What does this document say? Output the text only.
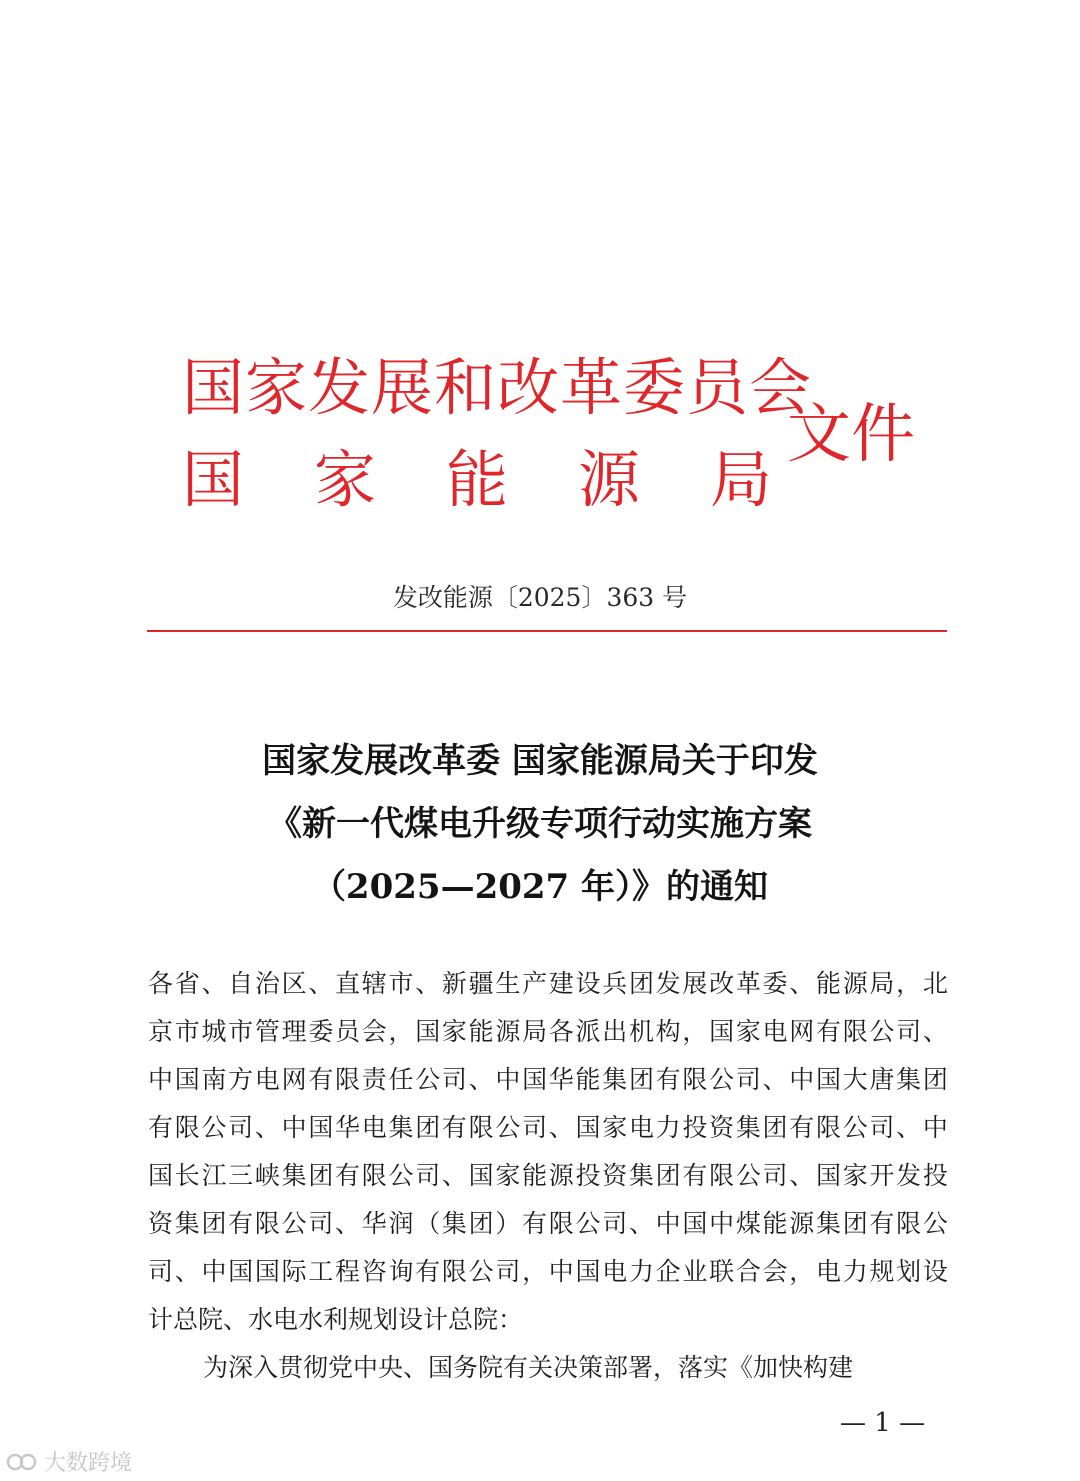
国家发展和改革委员会
国 家 能 源 局
文件
发改能源〔2025〕363 号
国家发展改革委 国家能源局关于印发
《新一代煤电升级专项行动实施方案
（2025—2027 年）》的通知
各 省 、 自 治 区 、 直 辖 市 、 新 疆 生 产 建 设 兵 团 发 展 改 革 委 、 能 源 局 ， 北
京 市 城 市 管 理 委 员 会 ， 国 家 能 源 局 各 派 出 机 构 ， 国 家 电 网 有 限 公 司 、
中 国 南 方 电 网 有 限 责 任 公 司 、 中 国 华 能 集 团 有 限 公 司 、 中 国 大 唐 集 团
有 限 公 司 、 中 国 华 电 集 团 有 限 公 司 、 国 家 电 力 投 资 集 团 有 限 公 司 、 中
国 长 江 三 峡 集 团 有 限 公 司 、 国 家 能 源 投 资 集 团 有 限 公 司 、 国 家 开 发 投
资 集 团 有 限 公 司 、 华 润 （ 集 团 ） 有 限 公 司 、 中 国 中 煤 能 源 集 团 有 限 公
司 、 中 国 国 际 工 程 咨 询 有 限 公 司 ， 中 国 电 力 企 业 联 合 会 ， 电 力 规 划 设
计总院、水电水利规划设计总院：
为深入贯彻党中央、国务院有关决策部署，落实《加快构建
— 1 —
大数跨境
